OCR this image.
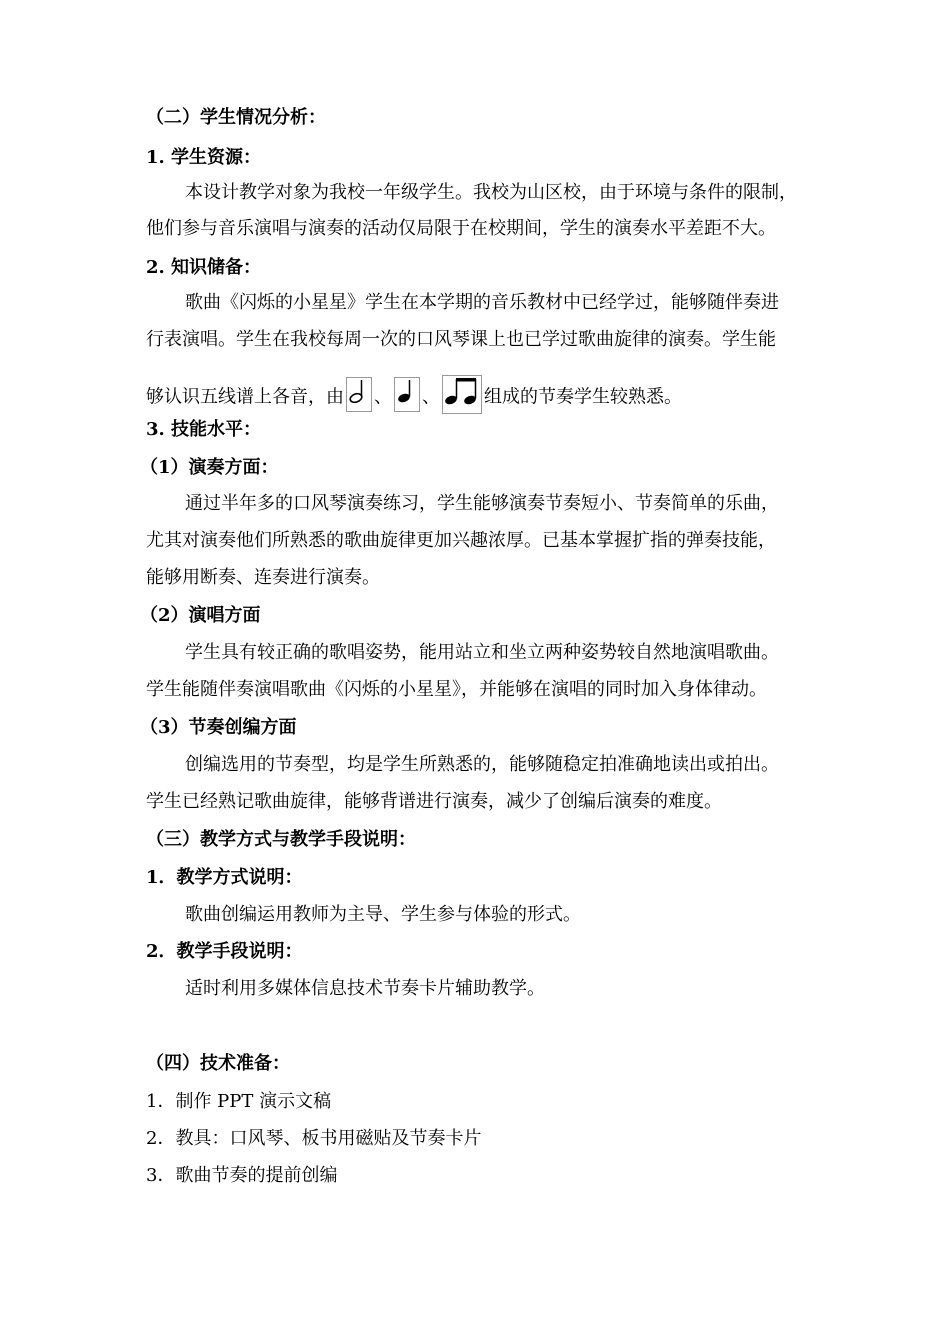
（二）学生情况分析：
1. 学生资源：
本设计教学对象为我校一年级学生。我校为山区校，由于环境与条件的限制，
他们参与音乐演唱与演奏的活动仅局限于在校期间，学生的演奏水平差距不大。
2. 知识储备：
歌曲《闪烁的小星星》学生在本学期的音乐教材中已经学过，能够随伴奏进
行表演唱。学生在我校每周一次的口风琴课上也已学过歌曲旋律的演奏。学生能
够认识五线谱上各音，由 、 、 组成的节奏学生较熟悉。
3. 技能水平：
（1）演奏方面：
通过半年多的口风琴演奏练习，学生能够演奏节奏短小、节奏简单的乐曲，
尤其对演奏他们所熟悉的歌曲旋律更加兴趣浓厚。已基本掌握扩指的弹奏技能，
能够用断奏、连奏进行演奏。
（2）演唱方面
学生具有较正确的歌唱姿势，能用站立和坐立两种姿势较自然地演唱歌曲。
学生能随伴奏演唱歌曲《闪烁的小星星》，并能够在演唱的同时加入身体律动。
（3）节奏创编方面
创编选用的节奏型，均是学生所熟悉的，能够随稳定拍准确地读出或拍出。
学生已经熟记歌曲旋律，能够背谱进行演奏，减少了创编后演奏的难度。
（三）教学方式与教学手段说明：
1．教学方式说明：
歌曲创编运用教师为主导、学生参与体验的形式。
2．教学手段说明：
适时利用多媒体信息技术节奏卡片辅助教学。
（四）技术准备：
1．制作 PPT 演示文稿
2．教具：口风琴、板书用磁贴及节奏卡片
3．歌曲节奏的提前创编
